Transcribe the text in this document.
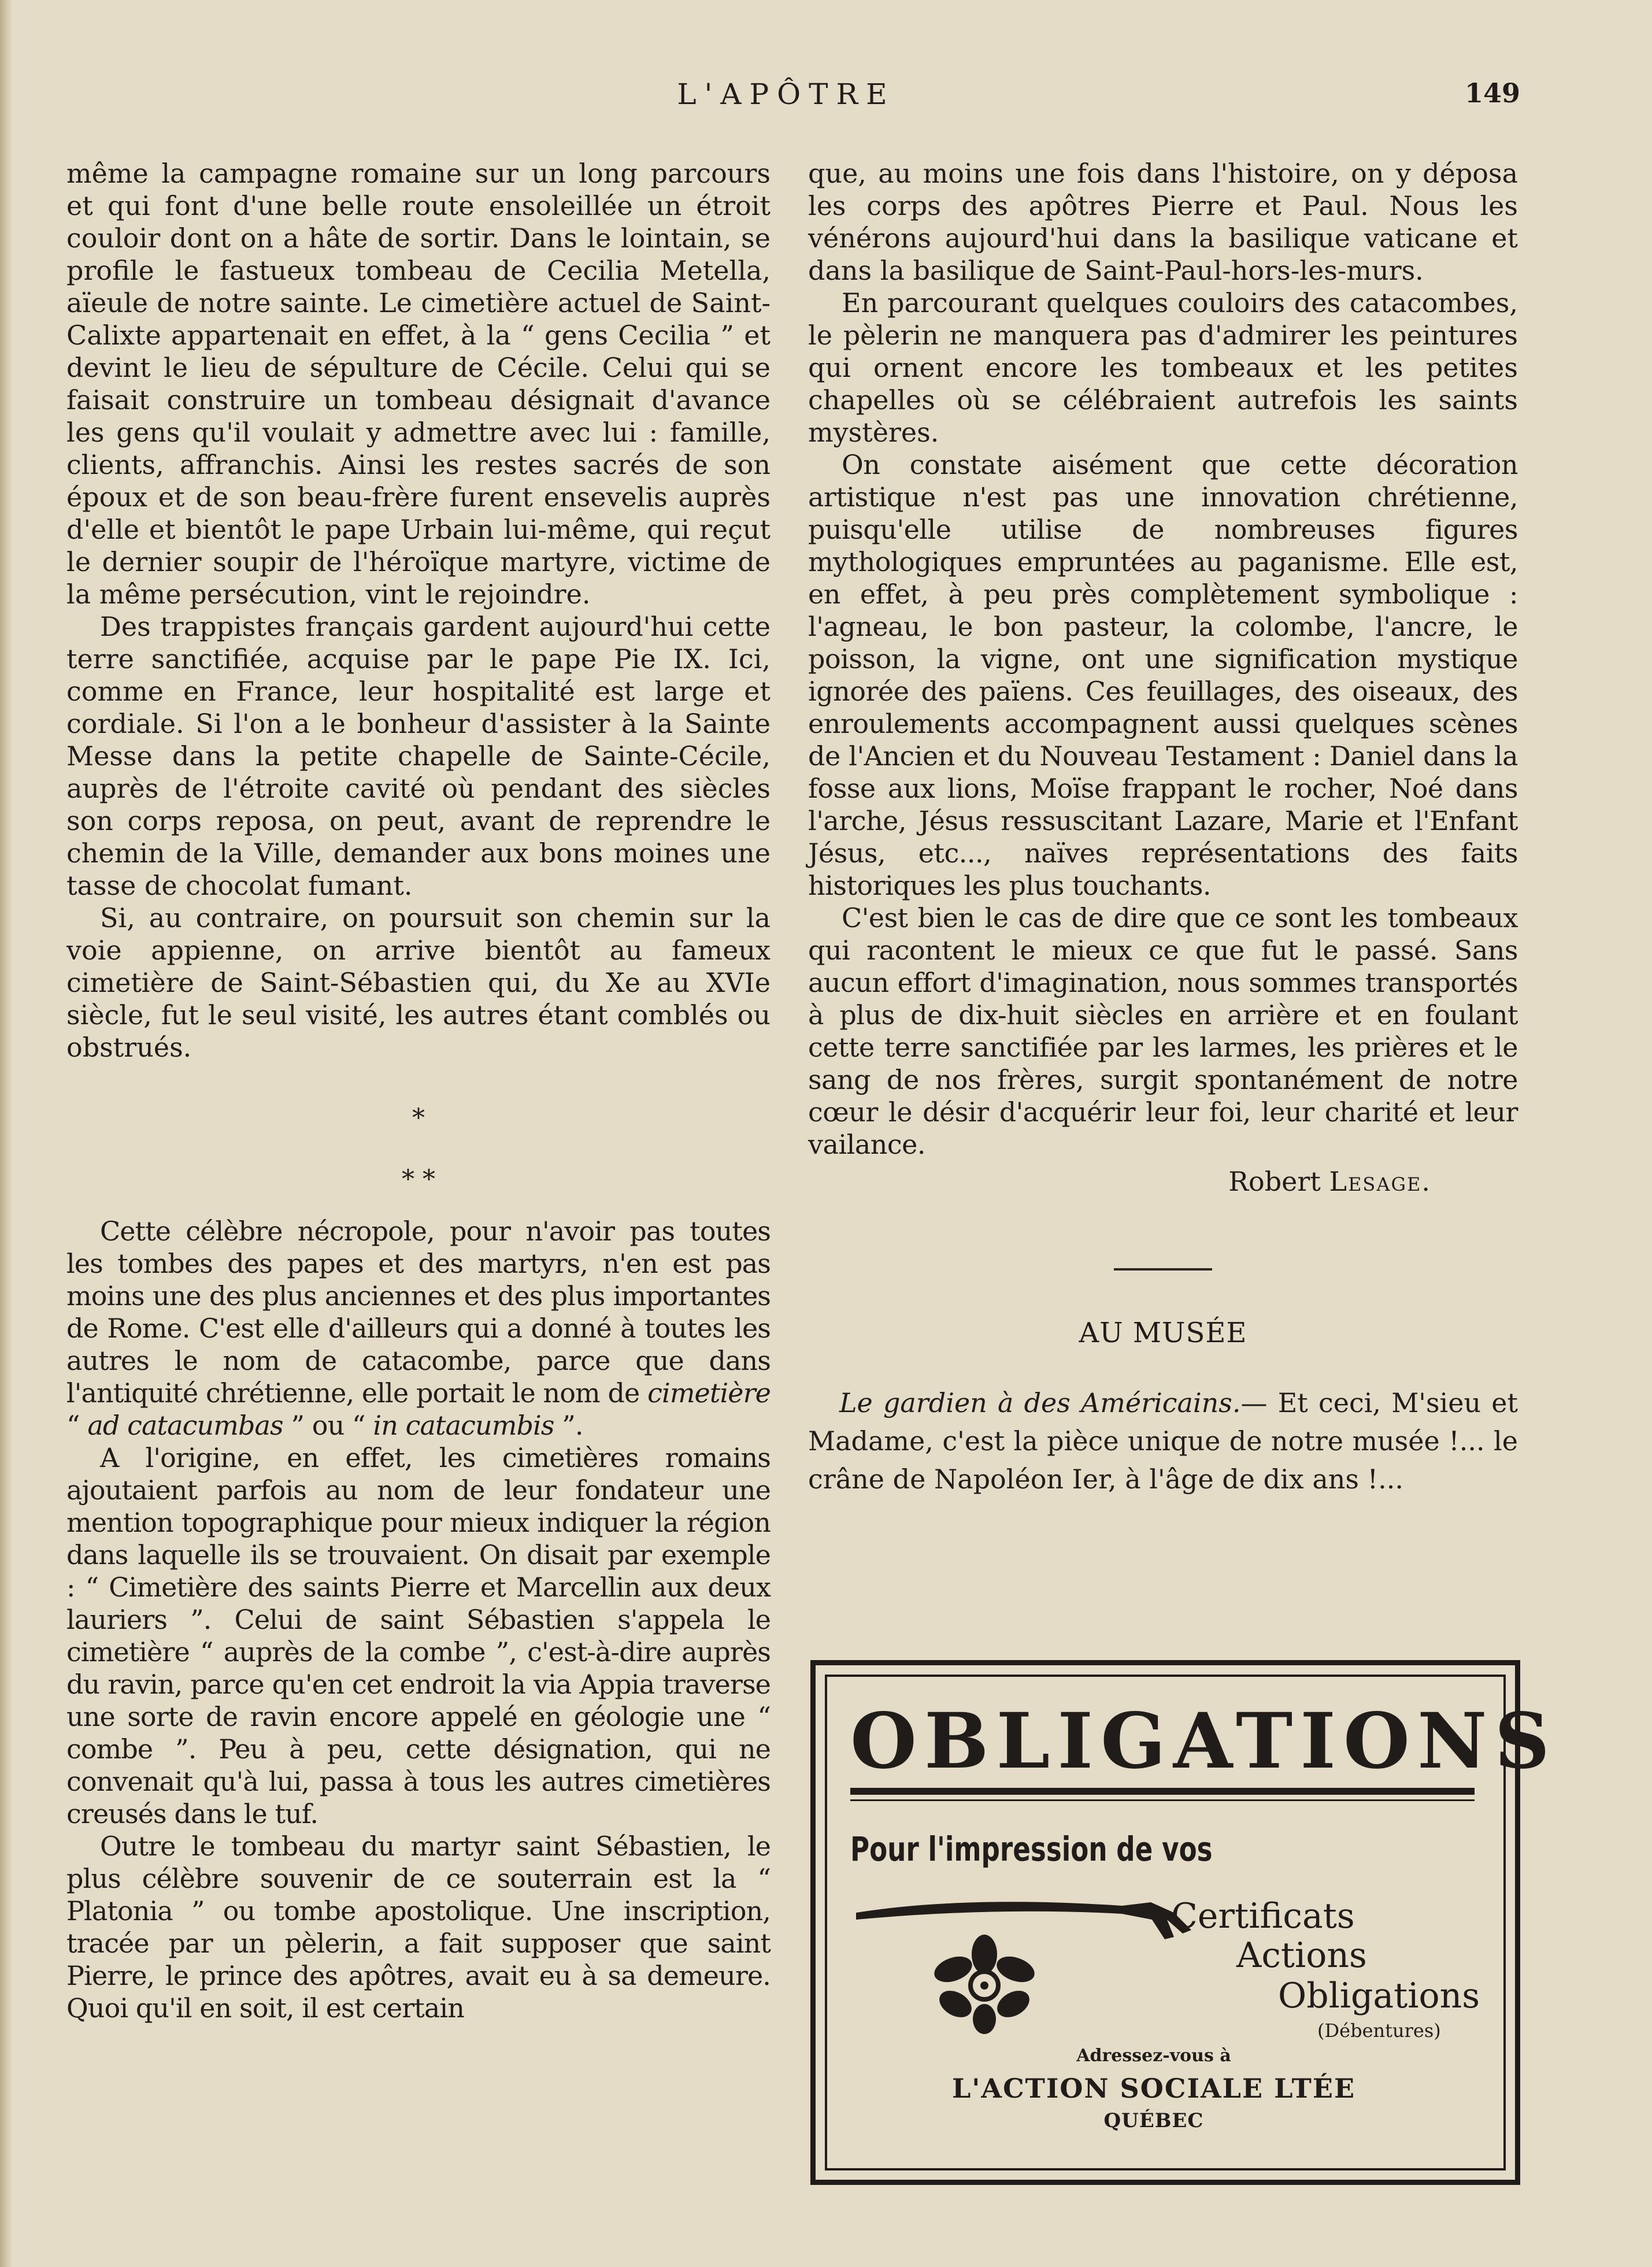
L'APÔTRE	149

même la campagne romaine sur un long parcours et qui font d'une belle route ensoleillée un étroit couloir dont on a hâte de sortir. Dans le lointain, se profile le fastueux tombeau de Cecilia Metella, aïeule de notre sainte. Le cimetière actuel de Saint-Calixte appartenait en effet, à la “ gens Cecilia ” et devint le lieu de sépulture de Cécile. Celui qui se faisait construire un tombeau désignait d'avance les gens qu'il voulait y admettre avec lui : famille, clients, affranchis. Ainsi les restes sacrés de son époux et de son beau-frère furent ensevelis auprès d'elle et bientôt le pape Urbain lui-même, qui reçut le dernier soupir de l'héroïque martyre, victime de la même persécution, vint le rejoindre.

Des trappistes français gardent aujourd'hui cette terre sanctifiée, acquise par le pape Pie IX. Ici, comme en France, leur hospitalité est large et cordiale. Si l'on a le bonheur d'assister à la Sainte Messe dans la petite chapelle de Sainte-Cécile, auprès de l'étroite cavité où pendant des siècles son corps reposa, on peut, avant de reprendre le chemin de la Ville, demander aux bons moines une tasse de chocolat fumant.

Si, au contraire, on poursuit son chemin sur la voie appienne, on arrive bientôt au fameux cimetière de Saint-Sébastien qui, du Xe au XVIe siècle, fut le seul visité, les autres étant comblés ou obstrués.

*
* *

Cette célèbre nécropole, pour n'avoir pas toutes les tombes des papes et des martyrs, n'en est pas moins une des plus anciennes et des plus importantes de Rome. C'est elle d'ailleurs qui a donné à toutes les autres le nom de catacombe, parce que dans l'antiquité chrétienne, elle portait le nom de cimetière “ ad catacumbas ” ou “ in catacumbis ”.

A l'origine, en effet, les cimetières romains ajoutaient parfois au nom de leur fondateur une mention topographique pour mieux indiquer la région dans laquelle ils se trouvaient. On disait par exemple : “ Cimetière des saints Pierre et Marcellin aux deux lauriers ”. Celui de saint Sébastien s'appela le cimetière “ auprès de la combe ”, c'est-à-dire auprès du ravin, parce qu'en cet endroit la via Appia traverse une sorte de ravin encore appelé en géologie une “ combe ”. Peu à peu, cette désignation, qui ne convenait qu'à lui, passa à tous les autres cimetières creusés dans le tuf.

Outre le tombeau du martyr saint Sébastien, le plus célèbre souvenir de ce souterrain est la “ Platonia ” ou tombe apostolique. Une inscription, tracée par un pèlerin, a fait supposer que saint Pierre, le prince des apôtres, avait eu à sa demeure. Quoi qu'il en soit, il est certain

que, au moins une fois dans l'histoire, on y déposa les corps des apôtres Pierre et Paul. Nous les vénérons aujourd'hui dans la basilique vaticane et dans la basilique de Saint-Paul-hors-les-murs.

En parcourant quelques couloirs des catacombes, le pèlerin ne manquera pas d'admirer les peintures qui ornent encore les tombeaux et les petites chapelles où se célébraient autrefois les saints mystères.

On constate aisément que cette décoration artistique n'est pas une innovation chrétienne, puisqu'elle utilise de nombreuses figures mythologiques empruntées au paganisme. Elle est, en effet, à peu près complètement symbolique : l'agneau, le bon pasteur, la colombe, l'ancre, le poisson, la vigne, ont une signification mystique ignorée des païens. Ces feuillages, des oiseaux, des enroulements accompagnent aussi quelques scènes de l'Ancien et du Nouveau Testament : Daniel dans la fosse aux lions, Moïse frappant le rocher, Noé dans l'arche, Jésus ressuscitant Lazare, Marie et l'Enfant Jésus, etc..., naïves représentations des faits historiques les plus touchants.

C'est bien le cas de dire que ce sont les tombeaux qui racontent le mieux ce que fut le passé. Sans aucun effort d'imagination, nous sommes transportés à plus de dix-huit siècles en arrière et en foulant cette terre sanctifiée par les larmes, les prières et le sang de nos frères, surgit spontanément de notre cœur le désir d'acquérir leur foi, leur charité et leur vailance.

Robert Lesage.
AU MUSÉE

Le gardien à des Américains.— Et ceci, M'sieu et Madame, c'est la pièce unique de notre musée !... le crâne de Napoléon Ier, à l'âge de dix ans !...

OBLIGATIONS
Pour l'impression de vos
Certificats
Actions
Obligations
(Débentures)
Adressez-vous à
L'ACTION SOCIALE LTÉE
QUÉBEC
